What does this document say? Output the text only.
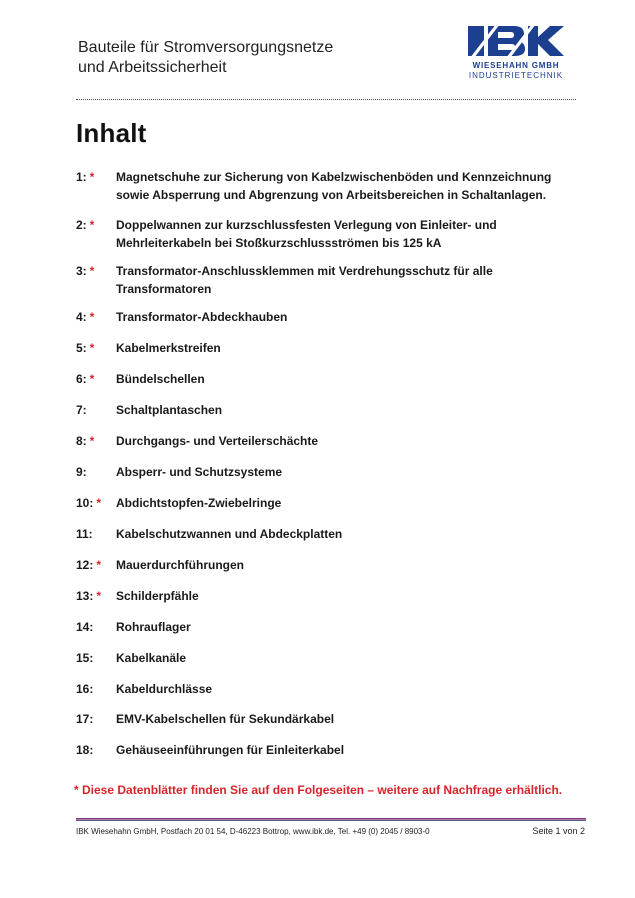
Bauteile für Stromversorgungsnetze
und Arbeitssicherheit	WIESEHAHN GMBH
INDUSTRIETECHNIK
Inhalt
1: *	Magnetschuhe zur Sicherung von Kabelzwischenböden und Kennzeichnung
sowie Absperrung und Abgrenzung von Arbeitsbereichen in Schaltanlagen.
2: *	Doppelwannen zur kurzschlussfesten Verlegung von Einleiter- und
Mehrleiterkabeln bei Stoßkurzschlussströmen bis 125 kA
3: *	Transformator-Anschlussklemmen mit Verdrehungsschutz für alle
Transformatoren
4: *	Transformator-Abdeckhauben
5: *	Kabelmerkstreifen
6: *	Bündelschellen
7:	Schaltplantaschen
8: *	Durchgangs- und Verteilerschächte
9:	Absperr- und Schutzsysteme
10: *	Abdichtstopfen-Zwiebelringe
11:	Kabelschutzwannen und Abdeckplatten
12: *	Mauerdurchführungen
13: *	Schilderpfähle
14:	Rohrauflager
15:	Kabelkanäle
16:	Kabeldurchlässe
17:	EMV-Kabelschellen für Sekundärkabel
18:	Gehäuseeinführungen für Einleiterkabel
* Diese Datenblätter finden Sie auf den Folgeseiten – weitere auf Nachfrage erhältlich.
IBK Wiesehahn GmbH, Postfach 20 01 54, D-46223 Bottrop, www.ibk.de, Tel. +49 (0) 2045 / 8903-0	Seite 1 von 2
